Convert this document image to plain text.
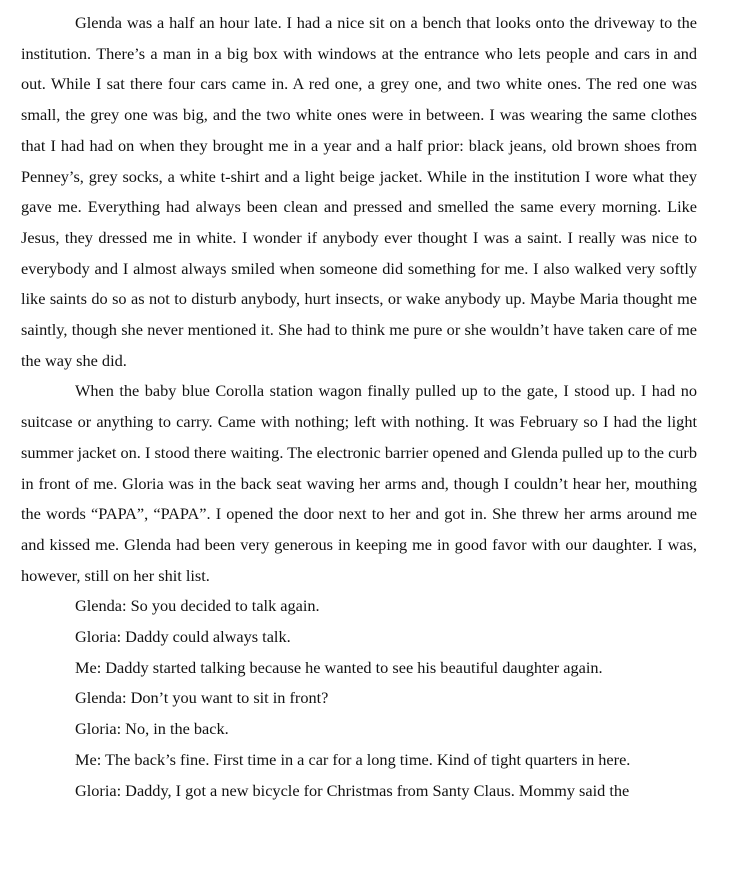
Glenda was a half an hour late. I had a nice sit on a bench that looks onto the driveway to the institution. There’s a man in a big box with windows at the entrance who lets people and cars in and out. While I sat there four cars came in. A red one, a grey one, and two white ones. The red one was small, the grey one was big, and the two white ones were in between. I was wearing the same clothes that I had had on when they brought me in a year and a half prior: black jeans, old brown shoes from Penney’s, grey socks, a white t-shirt and a light beige jacket. While in the institution I wore what they gave me. Everything had always been clean and pressed and smelled the same every morning. Like Jesus, they dressed me in white. I wonder if anybody ever thought I was a saint. I really was nice to everybody and I almost always smiled when someone did something for me. I also walked very softly like saints do so as not to disturb anybody, hurt insects, or wake anybody up. Maybe Maria thought me saintly, though she never mentioned it. She had to think me pure or she wouldn’t have taken care of me the way she did.

When the baby blue Corolla station wagon finally pulled up to the gate, I stood up. I had no suitcase or anything to carry. Came with nothing; left with nothing. It was February so I had the light summer jacket on. I stood there waiting. The electronic barrier opened and Glenda pulled up to the curb in front of me. Gloria was in the back seat waving her arms and, though I couldn’t hear her, mouthing the words “PAPA”, “PAPA”. I opened the door next to her and got in. She threw her arms around me and kissed me. Glenda had been very generous in keeping me in good favor with our daughter. I was, however, still on her shit list.

Glenda: So you decided to talk again.

Gloria: Daddy could always talk.

Me: Daddy started talking because he wanted to see his beautiful daughter again.

Glenda: Don’t you want to sit in front?

Gloria: No, in the back.

Me: The back’s fine. First time in a car for a long time. Kind of tight quarters in here.

Gloria: Daddy, I got a new bicycle for Christmas from Santy Claus. Mommy said the
